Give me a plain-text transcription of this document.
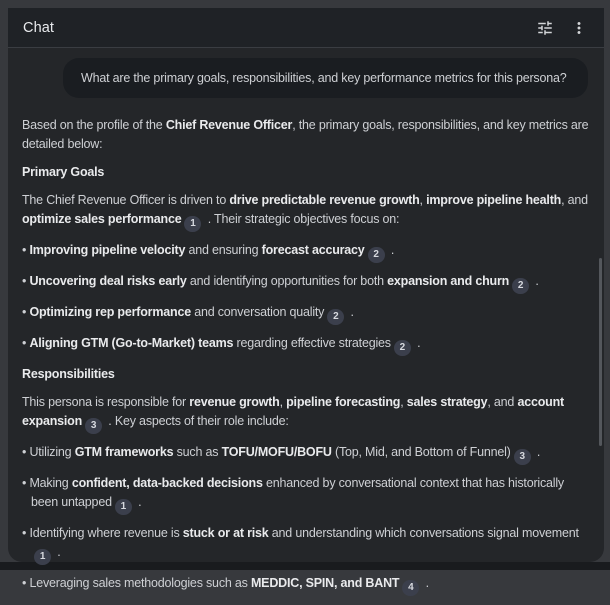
Chat
What are the primary goals, responsibilities, and key performance metrics for this persona?
Based on the profile of the Chief Revenue Officer, the primary goals, responsibilities, and key metrics are detailed below:
Primary Goals
The Chief Revenue Officer is driven to drive predictable revenue growth, improve pipeline health, and optimize sales performance 1 . Their strategic objectives focus on:
• Improving pipeline velocity and ensuring forecast accuracy 2 .
• Uncovering deal risks early and identifying opportunities for both expansion and churn 2 .
• Optimizing rep performance and conversation quality 2 .
• Aligning GTM (Go-to-Market) teams regarding effective strategies 2 .
Responsibilities
This persona is responsible for revenue growth, pipeline forecasting, sales strategy, and account expansion 3 . Key aspects of their role include:
• Utilizing GTM frameworks such as TOFU/MOFU/BOFU (Top, Mid, and Bottom of Funnel) 3 .
• Making confident, data-backed decisions enhanced by conversational context that has historically been untapped 1 .
• Identifying where revenue is stuck or at risk and understanding which conversations signal movement1 .
• Leveraging sales methodologies such as MEDDIC, SPIN, and BANT 4 .
